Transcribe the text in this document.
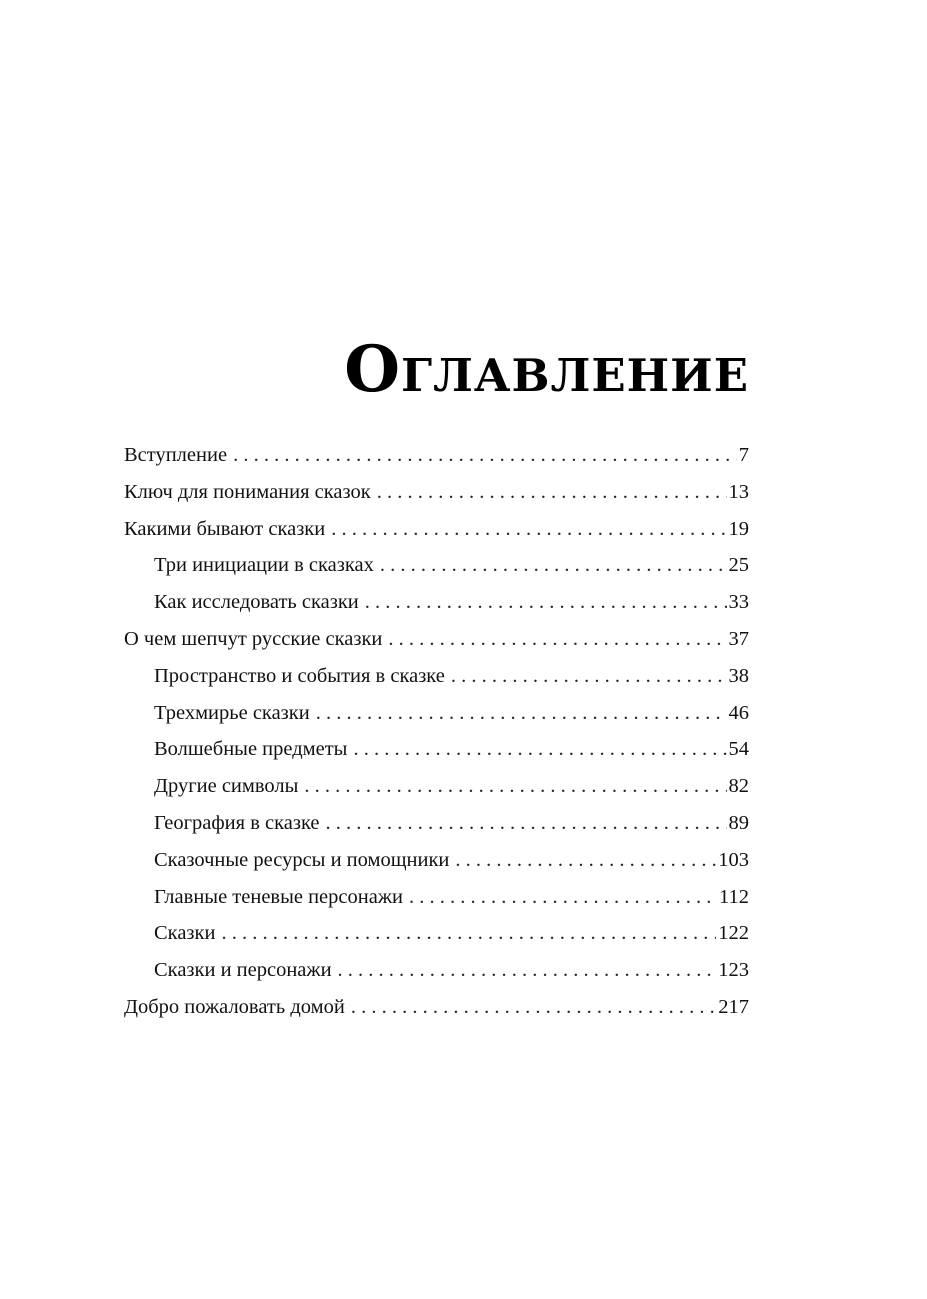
Оглавление
Вступление . . .	7
Ключ для понимания сказок . . .	13
Какими бывают сказки . . .	19
Три инициации в сказках . . .	25
Как исследовать сказки . . .	33
О чем шепчут русские сказки . . .	37
Пространство и события в сказке . . .	38
Трехмирье сказки . . .	46
Волшебные предметы . . .	54
Другие символы . . .	82
География в сказке . . .	89
Сказочные ресурсы и помощники . . .	103
Главные теневые персонажи . . .	112
Сказки . . .	122
Сказки и персонажи . . .	123
Добро пожаловать домой . . .	217
